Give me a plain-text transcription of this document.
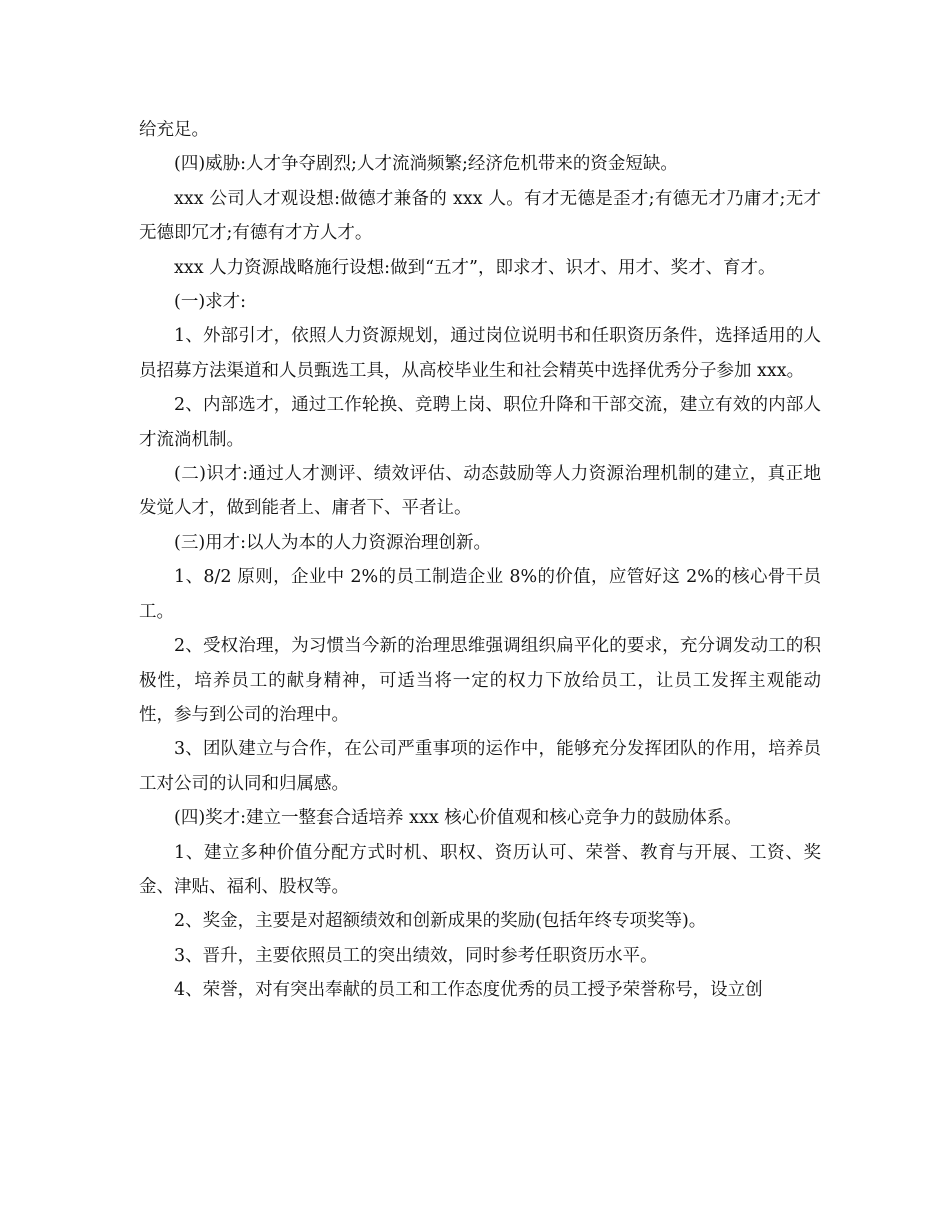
给充足。

(四)威胁:人才争夺剧烈;人才流淌频繁;经济危机带来的资金短缺。

xxx 公司人才观设想:做德才兼备的 xxx 人。有才无德是歪才;有德无才乃庸才;无才无德即冗才;有德有才方人才。

xxx 人力资源战略施行设想:做到“五才”，即求才、识才、用才、奖才、育才。

(一)求才:

1、外部引才，依照人力资源规划，通过岗位说明书和任职资历条件，选择适用的人员招募方法渠道和人员甄选工具，从高校毕业生和社会精英中选择优秀分子参加 xxx。

2、内部选才，通过工作轮换、竞聘上岗、职位升降和干部交流，建立有效的内部人才流淌机制。

(二)识才:通过人才测评、绩效评估、动态鼓励等人力资源治理机制的建立，真正地发觉人才，做到能者上、庸者下、平者让。

(三)用才:以人为本的人力资源治理创新。

1、8/2 原则，企业中 2%的员工制造企业 8%的价值，应管好这 2%的核心骨干员工。

2、受权治理，为习惯当今新的治理思维强调组织扁平化的要求，充分调发动工的积极性，培养员工的献身精神，可适当将一定的权力下放给员工，让员工发挥主观能动性，参与到公司的治理中。

3、团队建立与合作，在公司严重事项的运作中，能够充分发挥团队的作用，培养员工对公司的认同和归属感。

(四)奖才:建立一整套合适培养 xxx 核心价值观和核心竞争力的鼓励体系。

1、建立多种价值分配方式时机、职权、资历认可、荣誉、教育与开展、工资、奖金、津贴、福利、股权等。

2、奖金，主要是对超额绩效和创新成果的奖励(包括年终专项奖等)。

3、晋升，主要依照员工的突出绩效，同时参考任职资历水平。

4、荣誉，对有突出奉献的员工和工作态度优秀的员工授予荣誉称号，设立创
